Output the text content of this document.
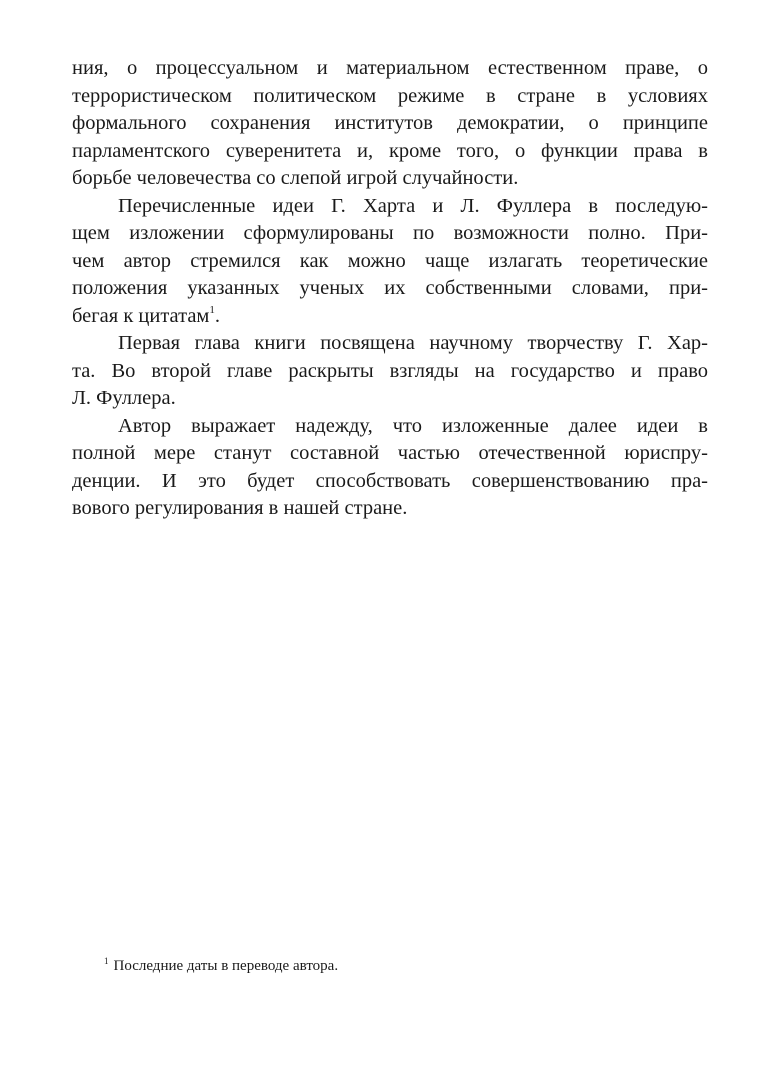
ния, о процессуальном и материальном естественном праве, о
террористическом политическом режиме в стране в условиях
формального сохранения институтов демократии, о принципе
парламентского суверенитета и, кроме того, о функции права в
борьбе человечества со слепой игрой случайности.
Перечисленные идеи Г. Харта и Л. Фуллера в последую-
щем изложении сформулированы по возможности полно. При-
чем автор стремился как можно чаще излагать теоретические
положения указанных ученых их собственными словами, при-
бегая к цитатам$^1$.
Первая глава книги посвящена научному творчеству Г. Хар-
та. Во второй главе раскрыты взгляды на государство и право
Л. Фуллера.
Автор выражает надежду, что изложенные далее идеи в
полной мере станут составной частью отечественной юриспру-
денции. И это будет способствовать совершенствованию пра-
вового регулирования в нашей стране.
$^1$ Последние даты в переводе автора.
